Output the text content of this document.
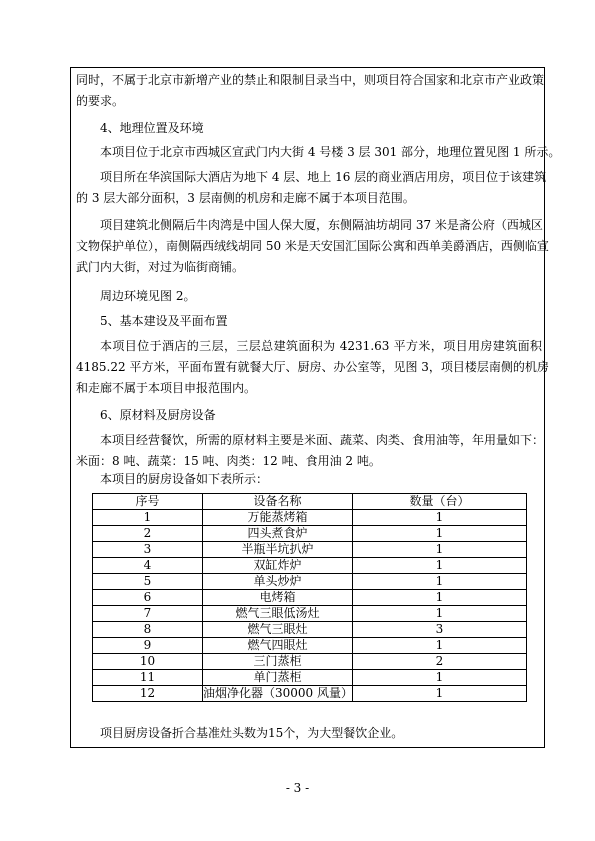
同时，不属于北京市新增产业的禁止和限制目录当中，则项目符合国家和北京市产业政策
的要求。

4、地理位置及环境

本项目位于北京市西城区宣武门内大街 4 号楼 3 层 301 部分，地理位置见图 1 所示。

项目所在华滨国际大酒店为地下 4 层、地上 16 层的商业酒店用房，项目位于该建筑
的 3 层大部分面积，3 层南侧的机房和走廊不属于本项目范围。

项目建筑北侧隔后牛肉湾是中国人保大厦，东侧隔油坊胡同 37 米是斋公府（西城区
文物保护单位），南侧隔西绒线胡同 50 米是天安国汇国际公寓和西单美爵酒店，西侧临宣
武门内大街，对过为临街商铺。

周边环境见图 2。

5、基本建设及平面布置

本项目位于酒店的三层，三层总建筑面积为 4231.63 平方米，项目用房建筑面积
4185.22 平方米，平面布置有就餐大厅、厨房、办公室等，见图 3，项目楼层南侧的机房
和走廊不属于本项目申报范围内。

6、原材料及厨房设备

本项目经营餐饮，所需的原材料主要是米面、蔬菜、肉类、食用油等，年用量如下：
米面：8 吨、蔬菜：15 吨、肉类：12 吨、食用油 2 吨。

本项目的厨房设备如下表所示：

序号	设备名称	数量（台）
1	万能蒸烤箱	1
2	四头煮食炉	1
3	半瓶半坑扒炉	1
4	双缸炸炉	1
5	单头炒炉	1
6	电烤箱	1
7	燃气三眼低汤灶	1
8	燃气三眼灶	3
9	燃气四眼灶	1
10	三门蒸柜	2
11	单门蒸柜	1
12	油烟净化器（30000 风量）	1

项目厨房设备折合基准灶头数为15个，为大型餐饮企业。

- 3 -
